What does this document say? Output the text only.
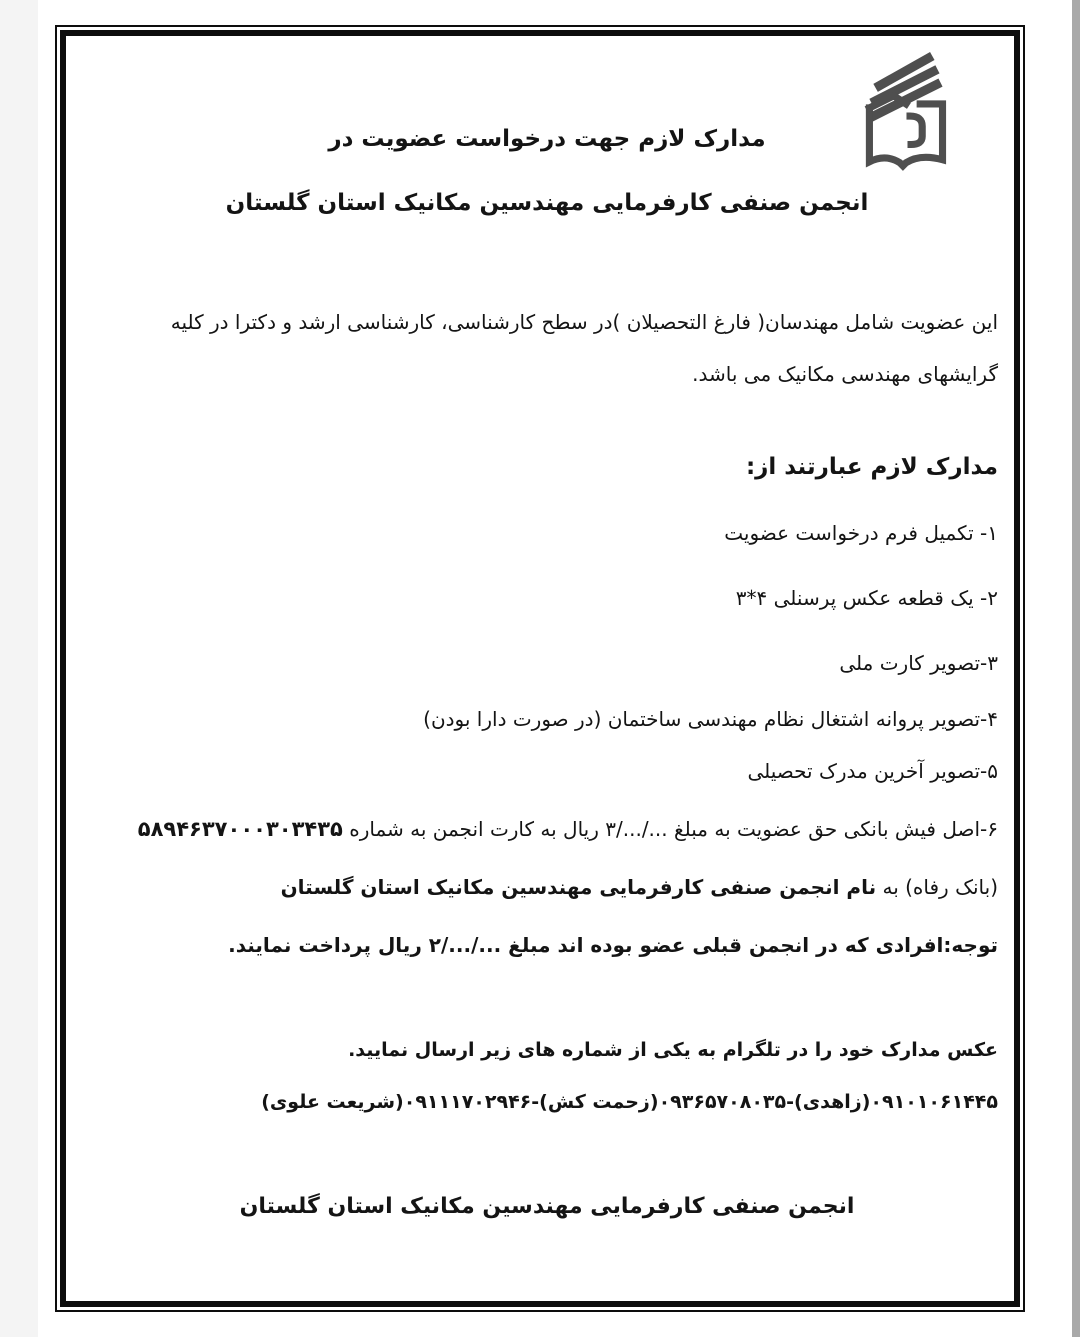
مدارک لازم جهت درخواست عضویت در
انجمن صنفی کارفرمایی مهندسین مکانیک استان گلستان

این عضویت شامل مهندسان( فارغ التحصیلان )در سطح کارشناسی، کارشناسی ارشد و دکترا در کلیه گرایشهای مهندسی مکانیک می باشد.

مدارک لازم عبارتند از:

۱- تکمیل فرم درخواست عضویت

۲- یک قطعه عکس پرسنلی ۴*۳

۳-تصویر کارت ملی

۴-تصویر پروانه اشتغال نظام مهندسی ساختمان (در صورت دارا بودن)

۵-تصویر آخرین مدرک تحصیلی

۶-اصل فیش بانکی حق عضویت به مبلغ ۳/.../... ریال به کارت انجمن به شماره ۵۸۹۴۶۳۷۰۰۰۳۰۳۴۳۵

(بانک رفاه) به نام انجمن صنفی کارفرمایی مهندسین مکانیک استان گلستان

توجه:افرادی که در انجمن قبلی عضو بوده اند مبلغ ۲/.../... ریال پرداخت نمایند.

عکس مدارک خود را در تلگرام به یکی از شماره های زیر ارسال نمایید.

۰۹۱۰۱۰۶۱۴۴۵(زاهدی)-۰۹۳۶۵۷۰۸۰۳۵(زحمت کش)-۰۹۱۱۱۷۰۲۹۴۶(شریعت علوی)

انجمن صنفی کارفرمایی مهندسین مکانیک استان گلستان
